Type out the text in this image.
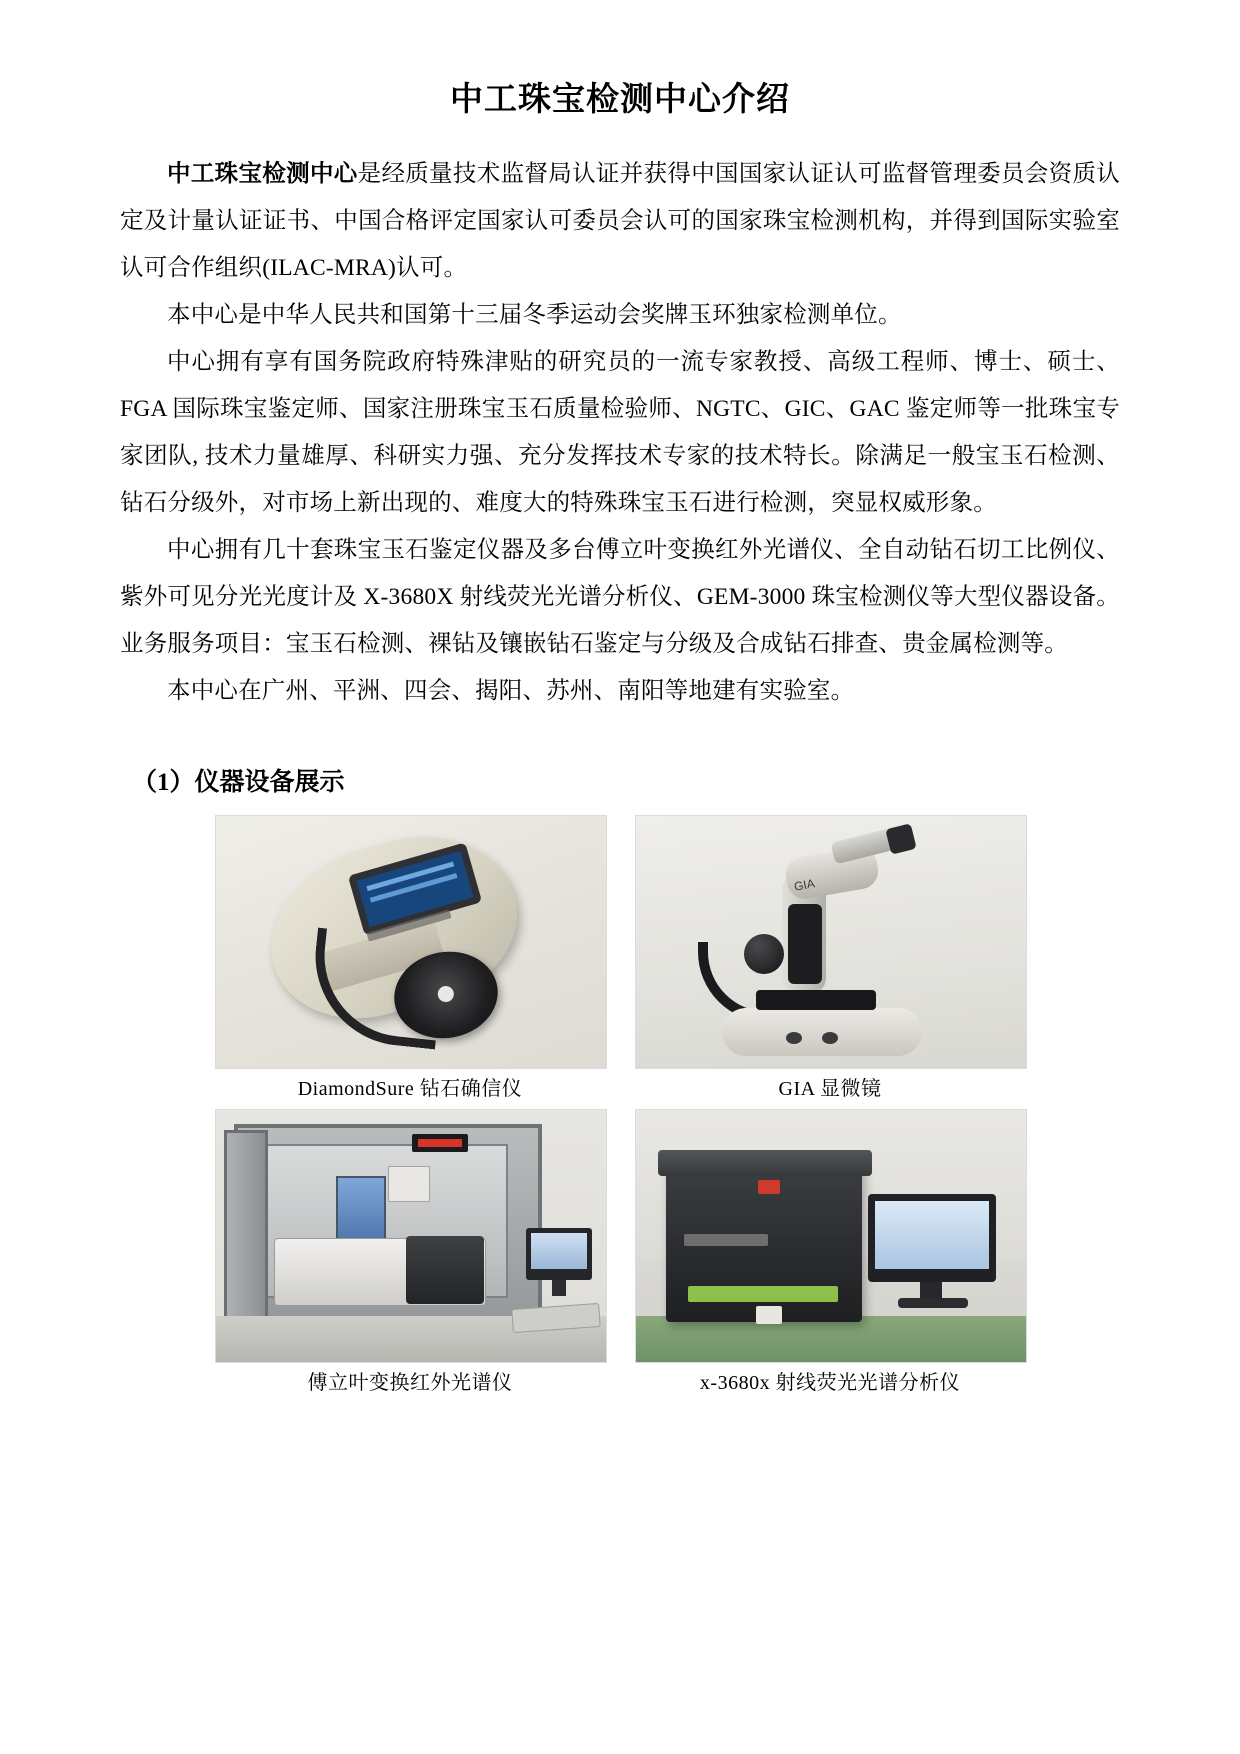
中工珠宝检测中心介绍

中工珠宝检测中心是经质量技术监督局认证并获得中国国家认证认可监督管理委员会资质认定及计量认证证书、中国合格评定国家认可委员会认可的国家珠宝检测机构，并得到国际实验室认可合作组织(ILAC-MRA)认可。

本中心是中华人民共和国第十三届冬季运动会奖牌玉环独家检测单位。

中心拥有享有国务院政府特殊津贴的研究员的一流专家教授、高级工程师、博士、硕士、FGA 国际珠宝鉴定师、国家注册珠宝玉石质量检验师、NGTC、GIC、GAC 鉴定师等一批珠宝专家团队, 技术力量雄厚、科研实力强、充分发挥技术专家的技术特长。除满足一般宝玉石检测、钻石分级外，对市场上新出现的、难度大的特殊珠宝玉石进行检测，突显权威形象。

中心拥有几十套珠宝玉石鉴定仪器及多台傅立叶变换红外光谱仪、全自动钻石切工比例仪、紫外可见分光光度计及 X‑3680X 射线荧光光谱分析仪、GEM‑3000 珠宝检测仪等大型仪器设备。业务服务项目：宝玉石检测、裸钻及镶嵌钻石鉴定与分级及合成钻石排查、贵金属检测等。

本中心在广州、平洲、四会、揭阳、苏州、南阳等地建有实验室。

（1）仪器设备展示
DiamondSure 钻石确信仪
GIA
GIA 显微镜
傅立叶变换红外光谱仪	x-3680x 射线荧光光谱分析仪
